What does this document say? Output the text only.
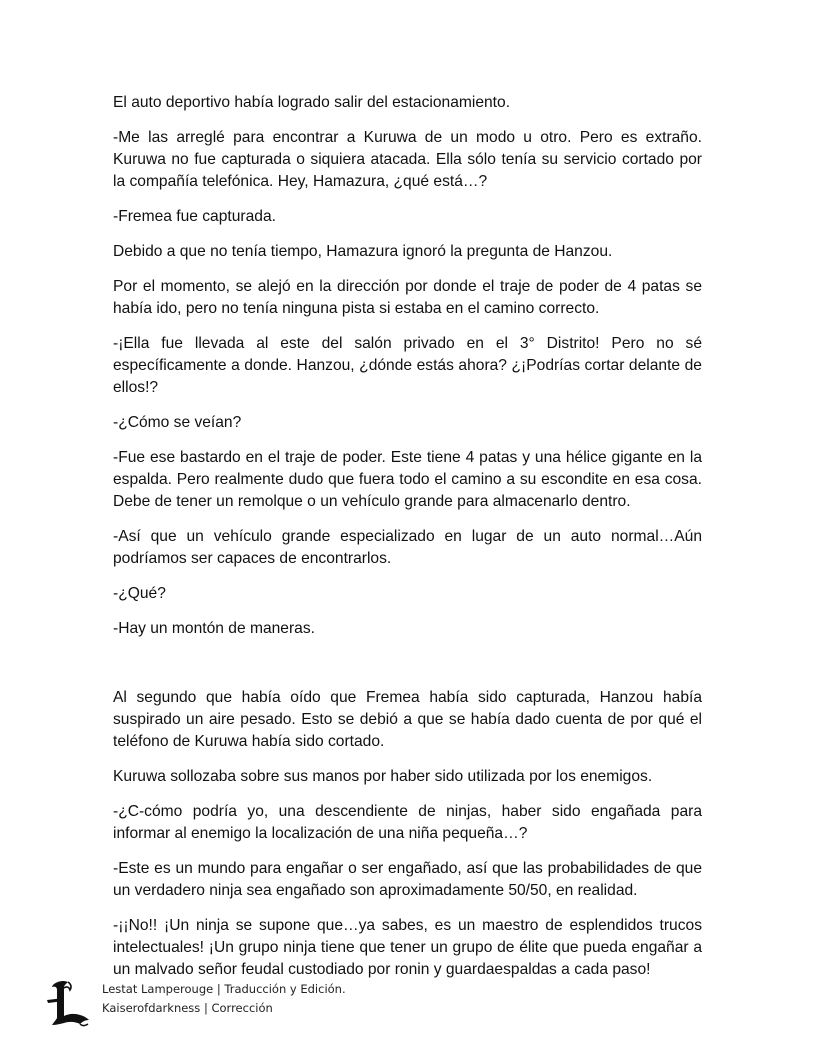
El auto deportivo había logrado salir del estacionamiento.

-Me las arreglé para encontrar a Kuruwa de un modo u otro. Pero es extraño. Kuruwa no fue capturada o siquiera atacada. Ella sólo tenía su servicio cortado por la compañía telefónica. Hey, Hamazura, ¿qué está…?

-Fremea fue capturada.

Debido a que no tenía tiempo, Hamazura ignoró la pregunta de Hanzou.

Por el momento, se alejó en la dirección por donde el traje de poder de 4 patas se había ido, pero no tenía ninguna pista si estaba en el camino correcto.

-¡Ella fue llevada al este del salón privado en el 3° Distrito! Pero no sé específicamente a donde. Hanzou, ¿dónde estás ahora? ¿¡Podrías cortar delante de ellos!?

-¿Cómo se veían?

-Fue ese bastardo en el traje de poder. Este tiene 4 patas y una hélice gigante en la espalda. Pero realmente dudo que fuera todo el camino a su escondite en esa cosa. Debe de tener un remolque o un vehículo grande para almacenarlo dentro.

-Así que un vehículo grande especializado en lugar de un auto normal…Aún podríamos ser capaces de encontrarlos.

-¿Qué?

-Hay un montón de maneras.

Al segundo que había oído que Fremea había sido capturada, Hanzou había suspirado un aire pesado. Esto se debió a que se había dado cuenta de por qué el teléfono de Kuruwa había sido cortado.

Kuruwa sollozaba sobre sus manos por haber sido utilizada por los enemigos.

-¿C-cómo podría yo, una descendiente de ninjas, haber sido engañada para informar al enemigo la localización de una niña pequeña…?

-Este es un mundo para engañar o ser engañado, así que las probabilidades de que un verdadero ninja sea engañado son aproximadamente 50/50, en realidad.

-¡¡No!! ¡Un ninja se supone que…ya sabes, es un maestro de esplendidos trucos intelectuales! ¡Un grupo ninja tiene que tener un grupo de élite que pueda engañar a un malvado señor feudal custodiado por ronin y guardaespaldas a cada paso!

Lestat Lamperouge | Traducción y Edición.
Kaiserofdarkness | Corrección
